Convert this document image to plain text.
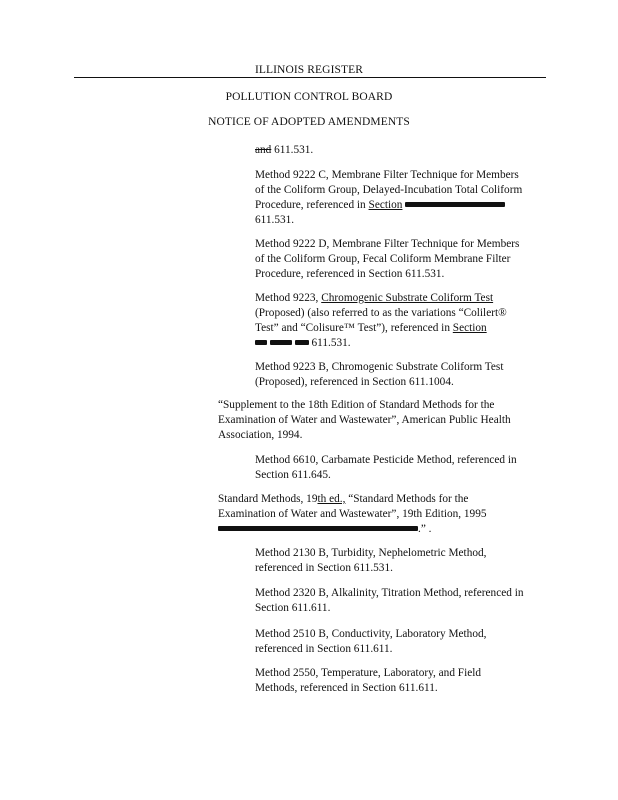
ILLINOIS REGISTER
POLLUTION CONTROL BOARD
NOTICE OF ADOPTED AMENDMENTS
and 611.531.
Method 9222 C, Membrane Filter Technique for Members
of the Coliform Group, Delayed-Incubation Total Coliform
Procedure, referenced in Section
611.531.
Method 9222 D, Membrane Filter Technique for Members
of the Coliform Group, Fecal Coliform Membrane Filter
Procedure, referenced in Section 611.531.
Method 9223, Chromogenic Substrate Coliform Test
(Proposed) (also referred to as the variations “Colilert®
Test” and “Colisure™ Test”), referenced in Section
611.531.
Method 9223 B, Chromogenic Substrate Coliform Test
(Proposed), referenced in Section 611.1004.
“Supplement to the 18th Edition of Standard Methods for the
Examination of Water and Wastewater”, American Public Health
Association, 1994.
Method 6610, Carbamate Pesticide Method, referenced in
Section 611.645.
Standard Methods, 19th ed., “Standard Methods for the
Examination of Water and Wastewater”, 19th Edition, 1995
.” .
Method 2130 B, Turbidity, Nephelometric Method,
referenced in Section 611.531.
Method 2320 B, Alkalinity, Titration Method, referenced in
Section 611.611.
Method 2510 B, Conductivity, Laboratory Method,
referenced in Section 611.611.
Method 2550, Temperature, Laboratory, and Field
Methods, referenced in Section 611.611.
